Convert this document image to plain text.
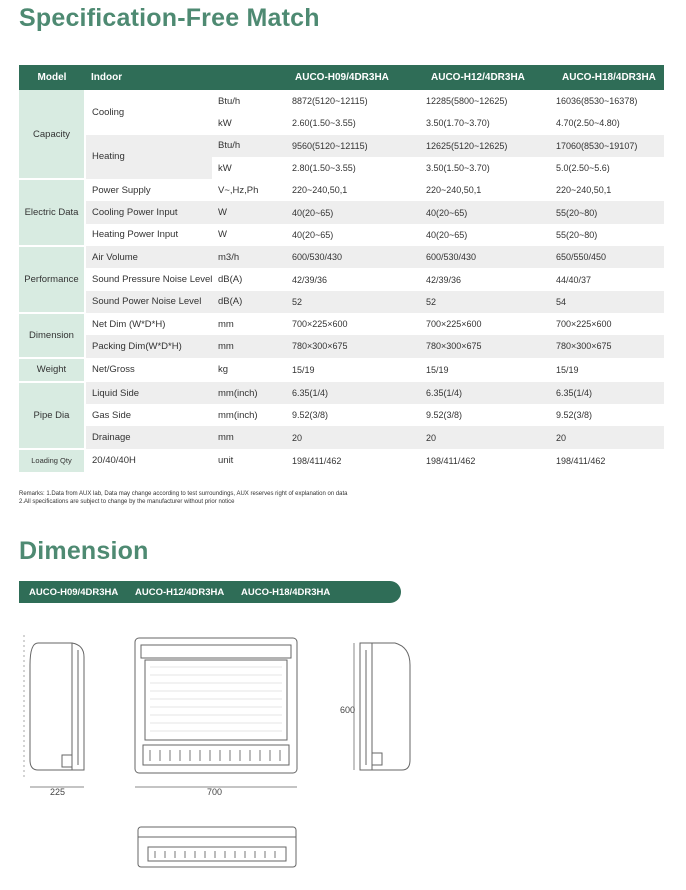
Specification-Free Match
Model	Indoor		AUCO-H09/4DR3HA	AUCO-H12/4DR3HA	AUCO-H18/4DR3HA
Capacity	Cooling	Btu/h	8872(5120~12115)	12285(5800~12625)	16036(8530~16378)
		kW	2.60(1.50~3.55)	3.50(1.70~3.70)	4.70(2.50~4.80)
	Heating	Btu/h	9560(5120~12115)	12625(5120~12625)	17060(8530~19107)
		kW	2.80(1.50~3.55)	3.50(1.50~3.70)	5.0(2.50~5.6)
Electric Data	Power Supply	V~,Hz,Ph	220~240,50,1	220~240,50,1	220~240,50,1
	Cooling Power Input	W	40(20~65)	40(20~65)	55(20~80)
	Heating Power Input	W	40(20~65)	40(20~65)	55(20~80)
Performance	Air Volume	m3/h	600/530/430	600/530/430	650/550/450
	Sound Pressure Noise Level	dB(A)	42/39/36	42/39/36	44/40/37
	Sound Power Noise Level	dB(A)	52	52	54
Dimension	Net Dim (W*D*H)	mm	700×225×600	700×225×600	700×225×600
	Packing Dim(W*D*H)	mm	780×300×675	780×300×675	780×300×675
Weight	Net/Gross	kg	15/19	15/19	15/19
Pipe Dia	Liquid Side	mm(inch)	6.35(1/4)	6.35(1/4)	6.35(1/4)
	Gas Side	mm(inch)	9.52(3/8)	9.52(3/8)	9.52(3/8)
	Drainage	mm	20	20	20
Loading Qty	20/40/40H	unit	198/411/462	198/411/462	198/411/462
Remarks: 1.Data from AUX lab, Data may change according to test surroundings, AUX reserves right of explanation on data
2.All specifications are subject to change by the manufacturer without prior notice
Dimension
AUCO-H09/4DR3HA AUCO-H12/4DR3HA AUCO-H18/4DR3HA
225	700
600
